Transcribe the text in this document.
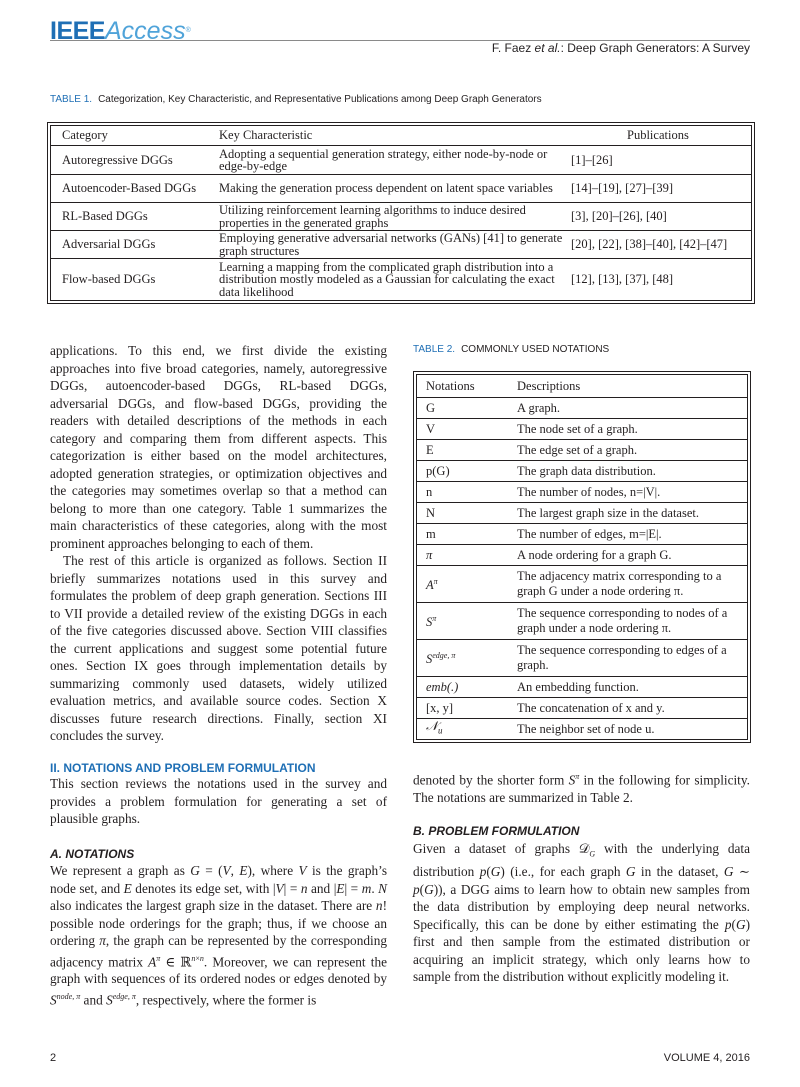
IEEEAccess®
F. Faez et al.: Deep Graph Generators: A Survey
TABLE 1. Categorization, Key Characteristic, and Representative Publications among Deep Graph Generators
Category	Key Characteristic	Publications
Autoregressive DGGs	Adopting a sequential generation strategy, either node-by-node or edge-by-edge	[1]–[26]
Autoencoder-Based DGGs	Making the generation process dependent on latent space variables	[14]–[19], [27]–[39]
RL-Based DGGs	Utilizing reinforcement learning algorithms to induce desired properties in the generated graphs	[3], [20]–[26], [40]
Adversarial DGGs	Employing generative adversarial networks (GANs) [41] to generate graph structures	[20], [22], [38]–[40], [42]–[47]
Flow-based DGGs	Learning a mapping from the complicated graph distribution into a distribution mostly modeled as a Gaussian for calculating the exact data likelihood	[12], [13], [37], [48]

applications. To this end, we first divide the existing approaches into five broad categories, namely, autoregressive DGGs, autoencoder-based DGGs, RL-based DGGs, adversarial DGGs, and flow-based DGGs, providing the readers with detailed descriptions of the methods in each category and comparing them from different aspects. This categorization is either based on the model architectures, adopted generation strategies, or optimization objectives and the categories may sometimes overlap so that a method can belong to more than one category. Table 1 summarizes the main characteristics of these categories, along with the most prominent approaches belonging to each of them.

The rest of this article is organized as follows. Section II briefly summarizes notations used in this survey and formulates the problem of deep graph generation. Sections III to VII provide a detailed review of the existing DGGs in each of the five categories discussed above. Section VIII classifies the current applications and suggest some potential future ones. Section IX goes through implementation details by summarizing commonly used datasets, widely utilized evaluation metrics, and available source codes. Section X discusses future research directions. Finally, section XI concludes the survey.

II. NOTATIONS AND PROBLEM FORMULATION

This section reviews the notations used in the survey and provides a problem formulation for generating a set of plausible graphs.

A. NOTATIONS

We represent a graph as G = (V, E), where V is the graph’s node set, and E denotes its edge set, with |V| = n and |E| = m. N also indicates the largest graph size in the dataset. There are n! possible node orderings for the graph; thus, if we choose an ordering π, the graph can be represented by the corresponding adjacency matrix $A^\pi$ ∈ ℝ$^{n\times n}$. Moreover, we can represent the graph with sequences of its ordered nodes or edges denoted by $S^{node, \pi}$ and $S^{edge, \pi}$, respectively, where the former is

TABLE 2. COMMONLY USED NOTATIONS
Notations	Descriptions
G	A graph.
V	The node set of a graph.
E	The edge set of a graph.
p(G)	The graph data distribution.
n	The number of nodes, n=|V|.
N	The largest graph size in the dataset.
m	The number of edges, m=|E|.
π	A node ordering for a graph G.
$A^\pi$	The adjacency matrix corresponding to a graph G under a node ordering π.
$S^\pi$	The sequence corresponding to nodes of a graph under a node ordering π.
$S^{edge, \pi}$	The sequence corresponding to edges of a graph.
emb(.)	An embedding function.
[x, y]	The concatenation of x and y.
𝒩$_u$	The neighbor set of node u.

denoted by the shorter form $S^\pi$ in the following for simplicity. The notations are summarized in Table 2.

B. PROBLEM FORMULATION

Given a dataset of graphs 𝒟$_G$ with the underlying data distribution p(G) (i.e., for each graph G in the dataset, G ∼ p(G)), a DGG aims to learn how to obtain new samples from the data distribution by employing deep neural networks. Specifically, this can be done by either estimating the p(G) first and then sample from the estimated distribution or acquiring an implicit strategy, which only learns how to sample from the distribution without explicitly modeling it.

2	VOLUME 4, 2016
